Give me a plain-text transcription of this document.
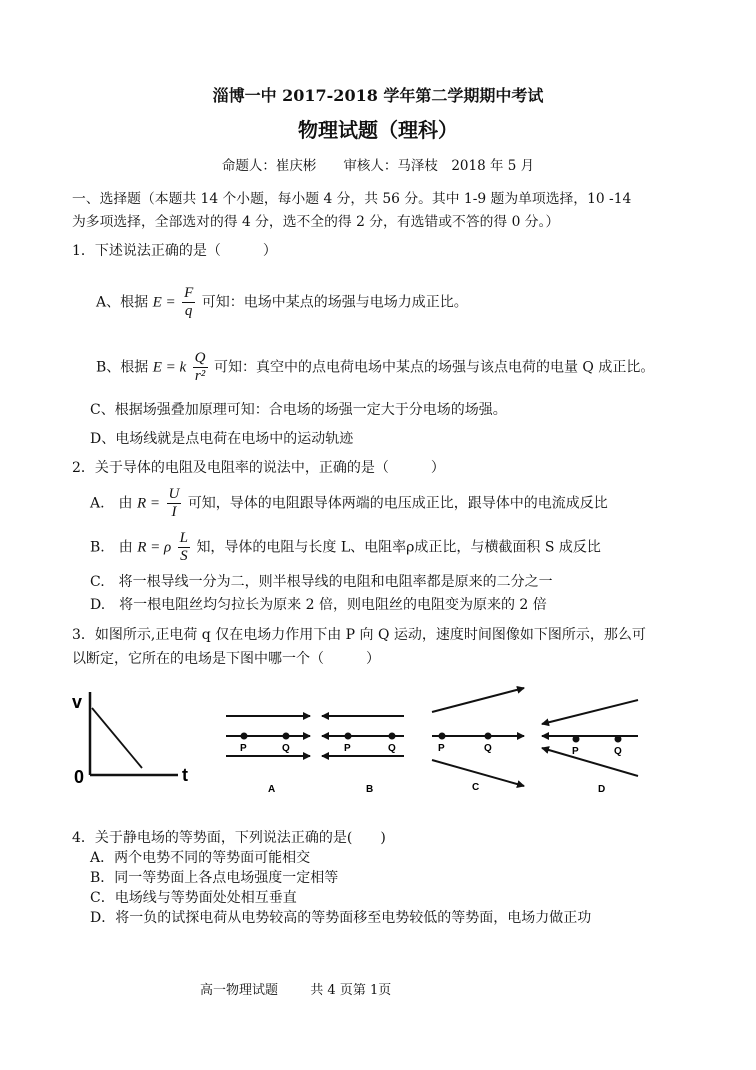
淄博一中 2017-2018 学年第二学期期中考试
物理试题（理科）
命题人：崔庆彬　　审核人：马泽枝　2018 年 5 月
一、选择题（本题共 14 个小题，每小题 4 分，共 56 分。其中 1-9 题为单项选择，10 -14
为多项选择，全部选对的得 4 分，选不全的得 2 分，有选错或不答的得 0 分。）
1．下述说法正确的是（　　　）
A、根据 $E = \frac{F}{q}$ 可知：电场中某点的场强与电场力成正比。
B、根据 E = k $\frac{Q}{\text{r²}}$ 可知：真空中的点电荷电场中某点的场强与该点电荷的电量 Q 成正比。
C、根据场强叠加原理可知：合电场的场强一定大于分电场的场强。
D、电场线就是点电荷在电场中的运动轨迹
2．关于导体的电阻及电阻率的说法中，正确的是（　　　）
A.　由 $R = \frac{U}{I}$ 可知，导体的电阻跟导体两端的电压成正比，跟导体中的电流成反比
B.　由 R = ρ $\frac{L}{S}$ 知，导体的电阻与长度 L、电阻率ρ成正比，与横截面积 S 成反比
C.　将一根导线一分为二，则半根导线的电阻和电阻率都是原来的二分之一
D.　将一根电阻丝均匀拉长为原来 2 倍，则电阻丝的电阻变为原来的 2 倍
3．如图所示,正电荷 q 仅在电场力作用下由 P 向 Q 运动，速度时间图像如下图所示，那么可
以断定，它所在的电场是下图中哪一个（　　　）
v
t
0
P	Q
A
P	Q
B
P	Q
C
P	Q
D
4．关于静电场的等势面，下列说法正确的是(　　)
A．两个电势不同的等势面可能相交
B．同一等势面上各点电场强度一定相等
C．电场线与等势面处处相互垂直
D．将一负的试探电荷从电势较高的等势面移至电势较低的等势面，电场力做正功
高一物理试题 共 4 页第 1页
